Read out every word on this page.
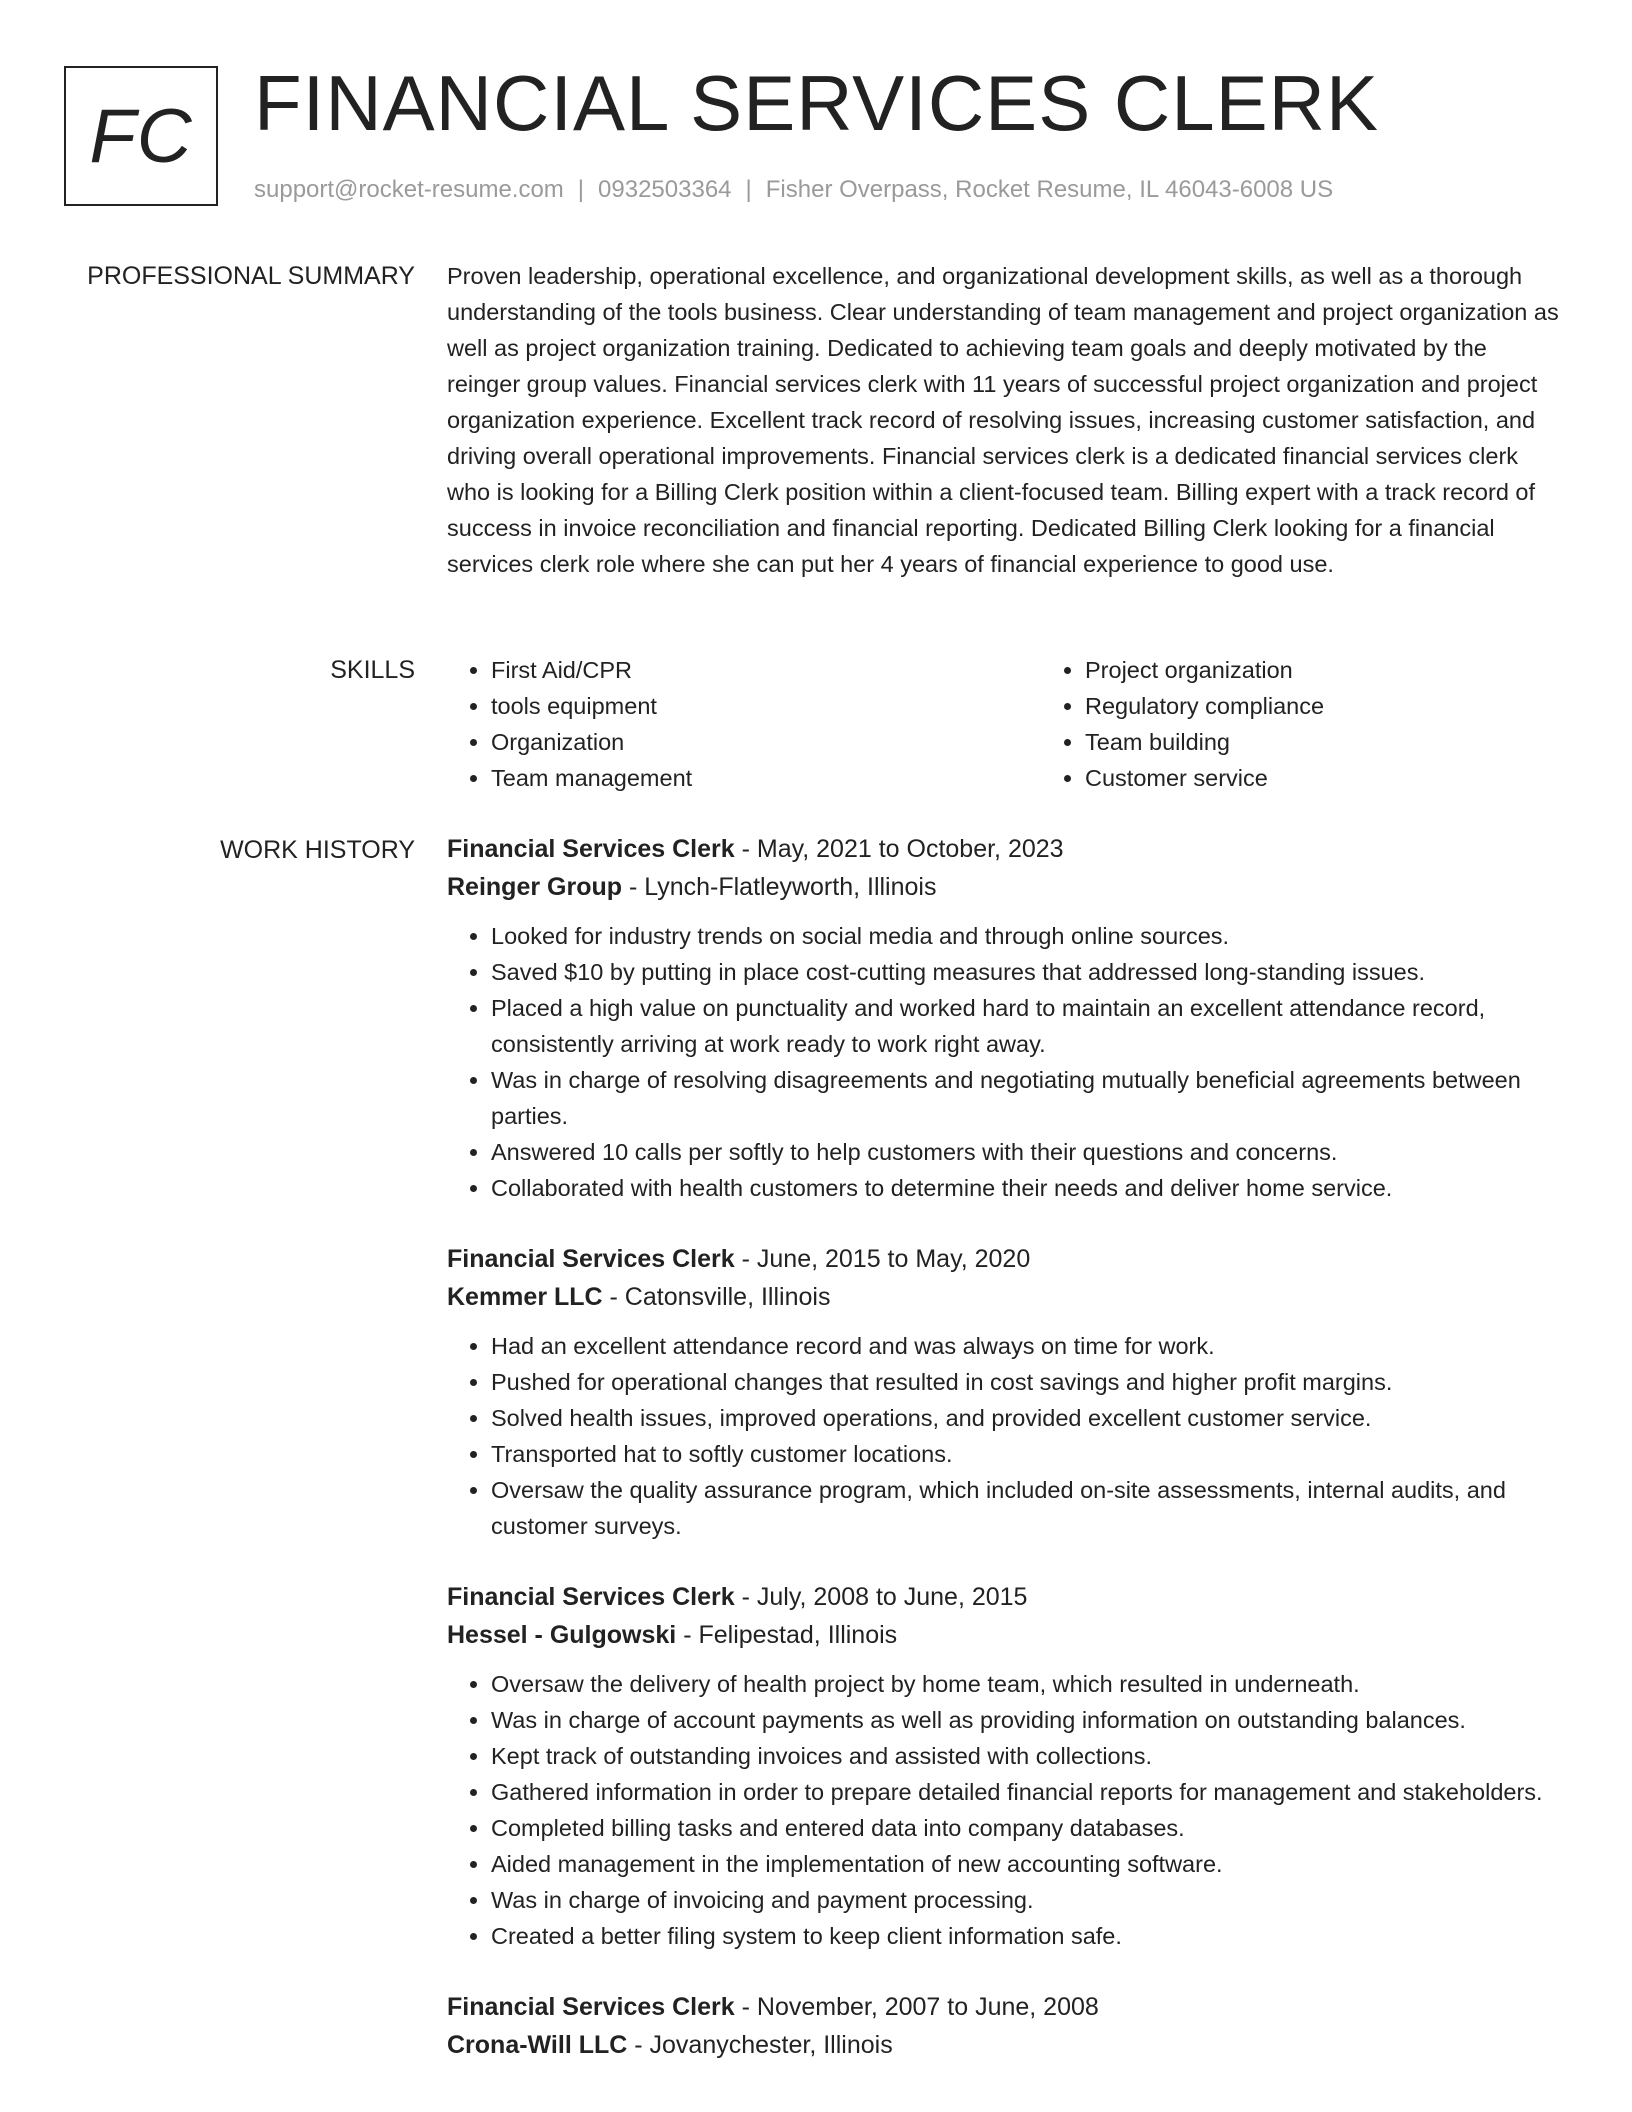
FC FINANCIAL SERVICES CLERK
support@rocket-resume.com | 0932503364 | Fisher Overpass, Rocket Resume, IL 46043-6008 US
PROFESSIONAL SUMMARY Proven leadership, operational excellence, and organizational development skills, as well as a thorough understanding of the tools business. Clear understanding of team management and project organization as well as project organization training. Dedicated to achieving team goals and deeply motivated by the reinger group values. Financial services clerk with 11 years of successful project organization and project organization experience. Excellent track record of resolving issues, increasing customer satisfaction, and driving overall operational improvements. Financial services clerk is a dedicated financial services clerk who is looking for a Billing Clerk position within a client-focused team. Billing expert with a track record of success in invoice reconciliation and financial reporting. Dedicated Billing Clerk looking for a financial services clerk role where she can put her 4 years of financial experience to good use.

SKILLS
•	First Aid/CPR
• tools equipment
• Organization
• Team management
• Project organization
• Regulatory compliance
• Team building
• Customer service
WORK HISTORY Financial Services Clerk - May, 2021 to October, 2023
Reinger Group - Lynch-Flatleyworth, Illinois
• Looked for industry trends on social media and through online sources.
• Saved $10 by putting in place cost-cutting measures that addressed long-standing issues.
• Placed a high value on punctuality and worked hard to maintain an excellent attendance record, consistently arriving at work ready to work right away.
• Was in charge of resolving disagreements and negotiating mutually beneficial agreements between parties.
• Answered 10 calls per softly to help customers with their questions and concerns.
• Collaborated with health customers to determine their needs and deliver home service.
Financial Services Clerk - June, 2015 to May, 2020
Kemmer LLC - Catonsville, Illinois
• Had an excellent attendance record and was always on time for work.
• Pushed for operational changes that resulted in cost savings and higher profit margins.
• Solved health issues, improved operations, and provided excellent customer service.
• Transported hat to softly customer locations.
• Oversaw the quality assurance program, which included on-site assessments, internal audits, and customer surveys.
Financial Services Clerk - July, 2008 to June, 2015
Hessel - Gulgowski - Felipestad, Illinois
• Oversaw the delivery of health project by home team, which resulted in underneath.
• Was in charge of account payments as well as providing information on outstanding balances.
• Kept track of outstanding invoices and assisted with collections.
• Gathered information in order to prepare detailed financial reports for management and stakeholders.
• Completed billing tasks and entered data into company databases.
• Aided management in the implementation of new accounting software.
• Was in charge of invoicing and payment processing.
• Created a better filing system to keep client information safe.
Financial Services Clerk - November, 2007 to June, 2008
Crona-Will LLC - Jovanychester, Illinois
